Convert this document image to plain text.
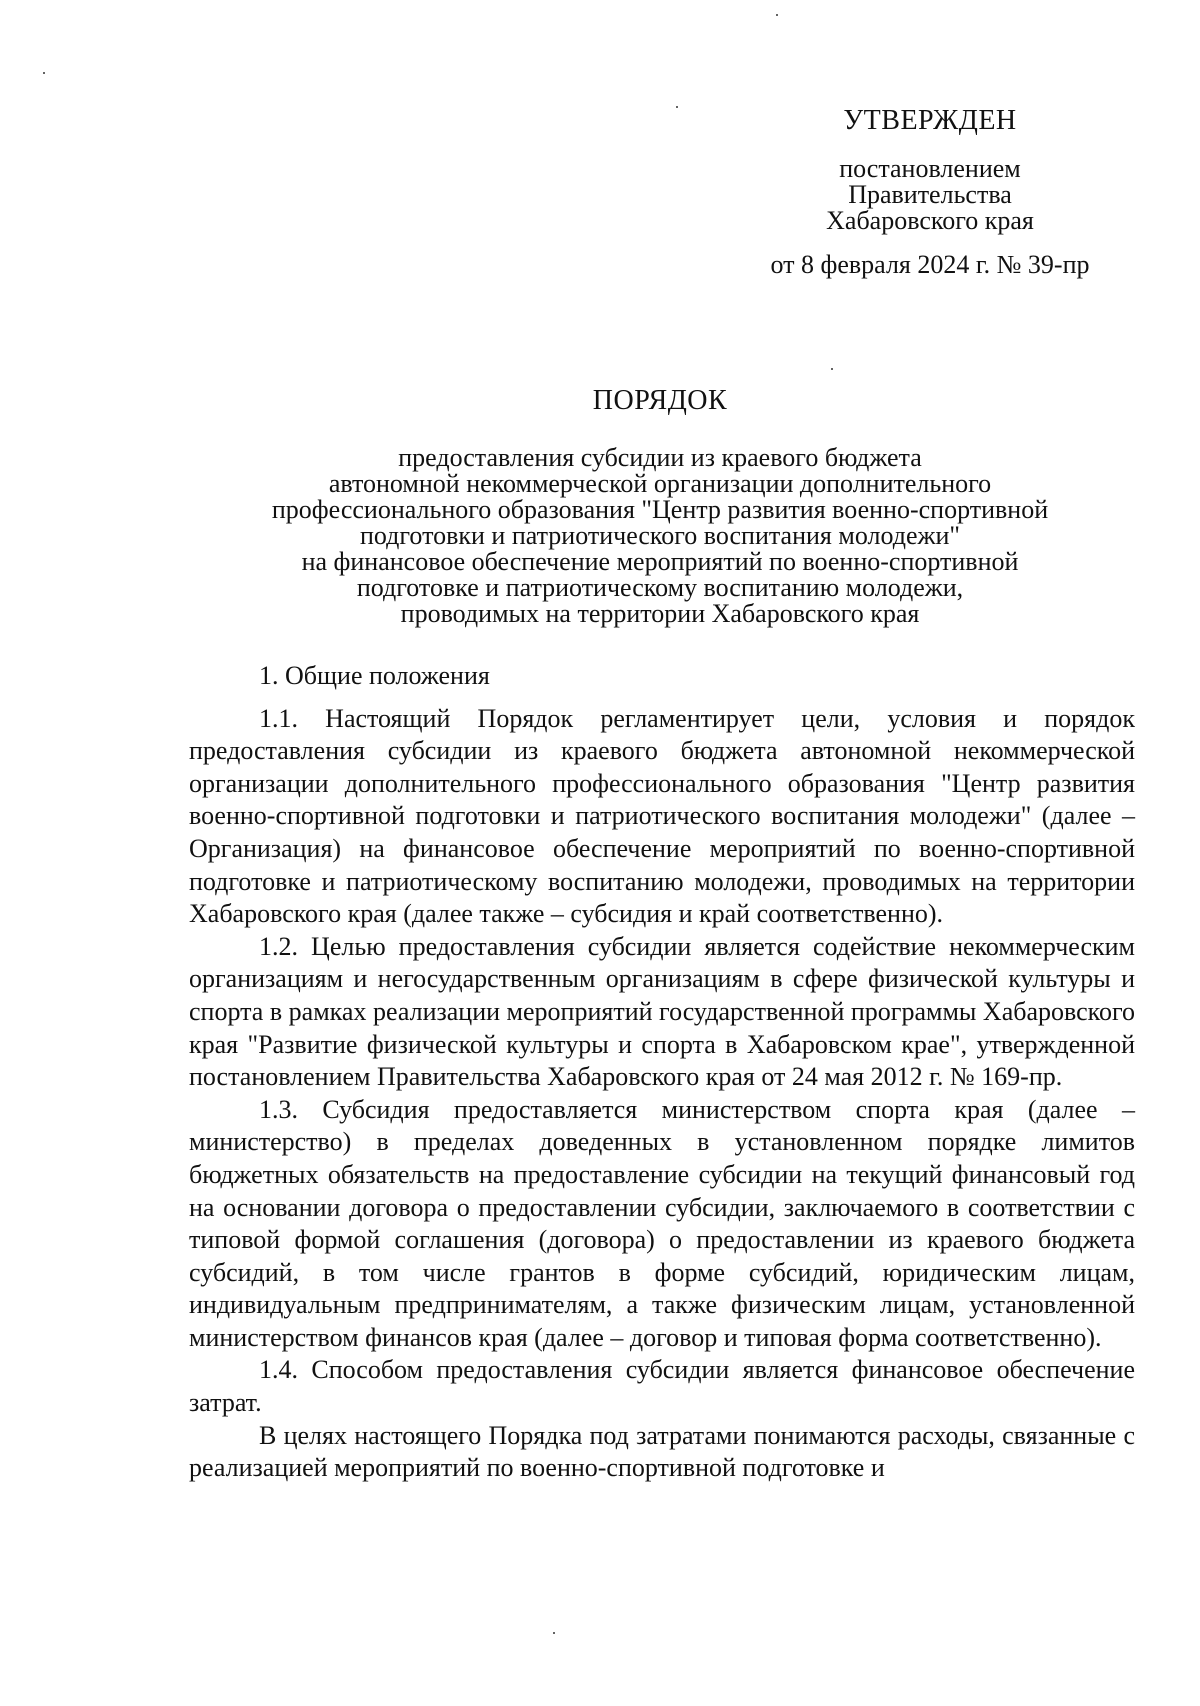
УТВЕРЖДЕН
постановлением
Правительства
Хабаровского края
от 8 февраля 2024 г. № 39-пр
ПОРЯДОК
предоставления субсидии из краевого бюджета
автономной некоммерческой организации дополнительного
профессионального образования "Центр развития военно-спортивной
подготовки и патриотического воспитания молодежи"
на финансовое обеспечение мероприятий по военно-спортивной
подготовке и патриотическому воспитанию молодежи,
проводимых на территории Хабаровского края

1. Общие положения

1.1. Настоящий Порядок регламентирует цели, условия и порядок предоставления субсидии из краевого бюджета автономной некоммерческой организации дополнительного профессионального образования "Центр развития военно-спортивной подготовки и патриотического воспитания молодежи" (далее – Организация) на финансовое обеспечение мероприятий по военно-спортивной подготовке и патриотическому воспитанию молодежи, проводимых на территории Хабаровского края (далее также – субсидия и край соответственно).

1.2. Целью предоставления субсидии является содействие некоммерческим организациям и негосударственным организациям в сфере физической культуры и спорта в рамках реализации мероприятий государственной программы Хабаровского края "Развитие физической культуры и спорта в Хабаровском крае", утвержденной постановлением Правительства Хабаровского края от 24 мая 2012 г. № 169-пр.

1.3. Субсидия предоставляется министерством спорта края (далее – министерство) в пределах доведенных в установленном порядке лимитов бюджетных обязательств на предоставление субсидии на текущий финансовый год на основании договора о предоставлении субсидии, заключаемого в соответствии с типовой формой соглашения (договора) о предоставлении из краевого бюджета субсидий, в том числе грантов в форме субсидий, юридическим лицам, индивидуальным предпринимателям, а также физическим лицам, установленной министерством финансов края (далее – договор и типовая форма соответственно).

1.4. Способом предоставления субсидии является финансовое обеспечение затрат.

В целях настоящего Порядка под затратами понимаются расходы, связанные с реализацией мероприятий по военно-спортивной подготовке и
